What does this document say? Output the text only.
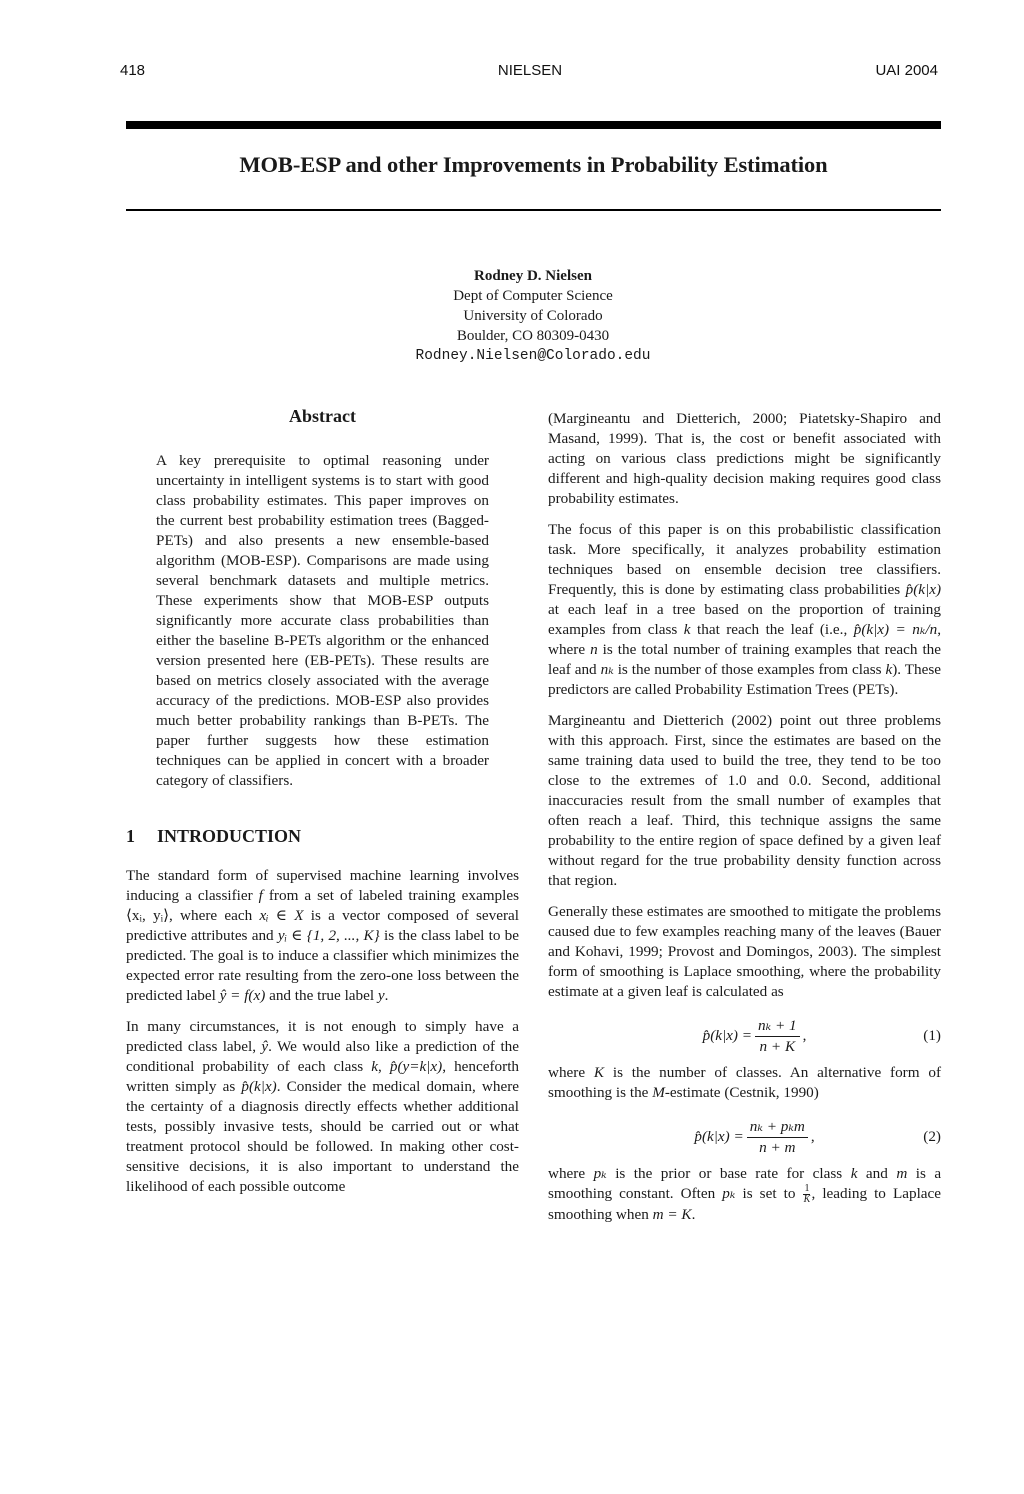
418	NIELSEN	UAI 2004
MOB-ESP and other Improvements in Probability Estimation
Rodney D. Nielsen
Dept of Computer Science
University of Colorado
Boulder, CO 80309-0430
Rodney.Nielsen@Colorado.edu
Abstract

A key prerequisite to optimal reasoning under uncertainty in intelligent systems is to start with good class probability estimates. This paper improves on the current best probability estimation trees (Bagged-PETs) and also presents a new ensemble-based algorithm (MOB-ESP). Comparisons are made using several benchmark datasets and multiple metrics. These experiments show that MOB-ESP outputs significantly more accurate class probabilities than either the baseline B-PETs algorithm or the enhanced version presented here (EB-PETs). These results are based on metrics closely associated with the average accuracy of the predictions. MOB-ESP also provides much better probability rankings than B-PETs. The paper further suggests how these estimation techniques can be applied in concert with a broader category of classifiers.

1 INTRODUCTION

The standard form of supervised machine learning involves inducing a classifier f from a set of labeled training examples ⟨xᵢ, yᵢ⟩, where each xᵢ ∈ X is a vector composed of several predictive attributes and yᵢ ∈ {1, 2, ..., K} is the class label to be predicted. The goal is to induce a classifier which minimizes the expected error rate resulting from the zero-one loss between the predicted label ŷ = f(x) and the true label y.

In many circumstances, it is not enough to simply have a predicted class label, ŷ. We would also like a prediction of the conditional probability of each class k, p̂(y=k|x), henceforth written simply as p̂(k|x). Consider the medical domain, where the certainty of a diagnosis directly effects whether additional tests, possibly invasive tests, should be carried out or what treatment protocol should be followed. In making other cost-sensitive decisions, it is also important to understand the likelihood of each possible outcome

(Margineantu and Dietterich, 2000; Piatetsky-Shapiro and Masand, 1999). That is, the cost or benefit associated with acting on various class predictions might be significantly different and high-quality decision making requires good class probability estimates.

The focus of this paper is on this probabilistic classification task. More specifically, it analyzes probability estimation techniques based on ensemble decision tree classifiers. Frequently, this is done by estimating class probabilities p̂(k|x) at each leaf in a tree based on the proportion of training examples from class k that reach the leaf (i.e., p̂(k|x) = nₖ/n, where n is the total number of training examples that reach the leaf and nₖ is the number of those examples from class k). These predictors are called Probability Estimation Trees (PETs).

Margineantu and Dietterich (2002) point out three problems with this approach. First, since the estimates are based on the same training data used to build the tree, they tend to be too close to the extremes of 1.0 and 0.0. Second, additional inaccuracies result from the small number of examples that often reach a leaf. Third, this technique assigns the same probability to the entire region of space defined by a given leaf without regard for the true probability density function across that region.

Generally these estimates are smoothed to mitigate the problems caused due to few examples reaching many of the leaves (Bauer and Kohavi, 1999; Provost and Domingos, 2003). The simplest form of smoothing is Laplace smoothing, where the probability estimate at a given leaf is calculated as

p̂(k|x) = $\frac{\text{nₖ + 1}}{n + K}$ ,	(1)

where K is the number of classes. An alternative form of smoothing is the M-estimate (Cestnik, 1990)

p̂(k|x) = $\frac{\text{nₖ + pₖm}}{n + m}$ ,	(2)

where pₖ is the prior or base rate for class k and m is a smoothing constant. Often pₖ is set to $\frac{1}{K}$ , leading to Laplace smoothing when m = K.
